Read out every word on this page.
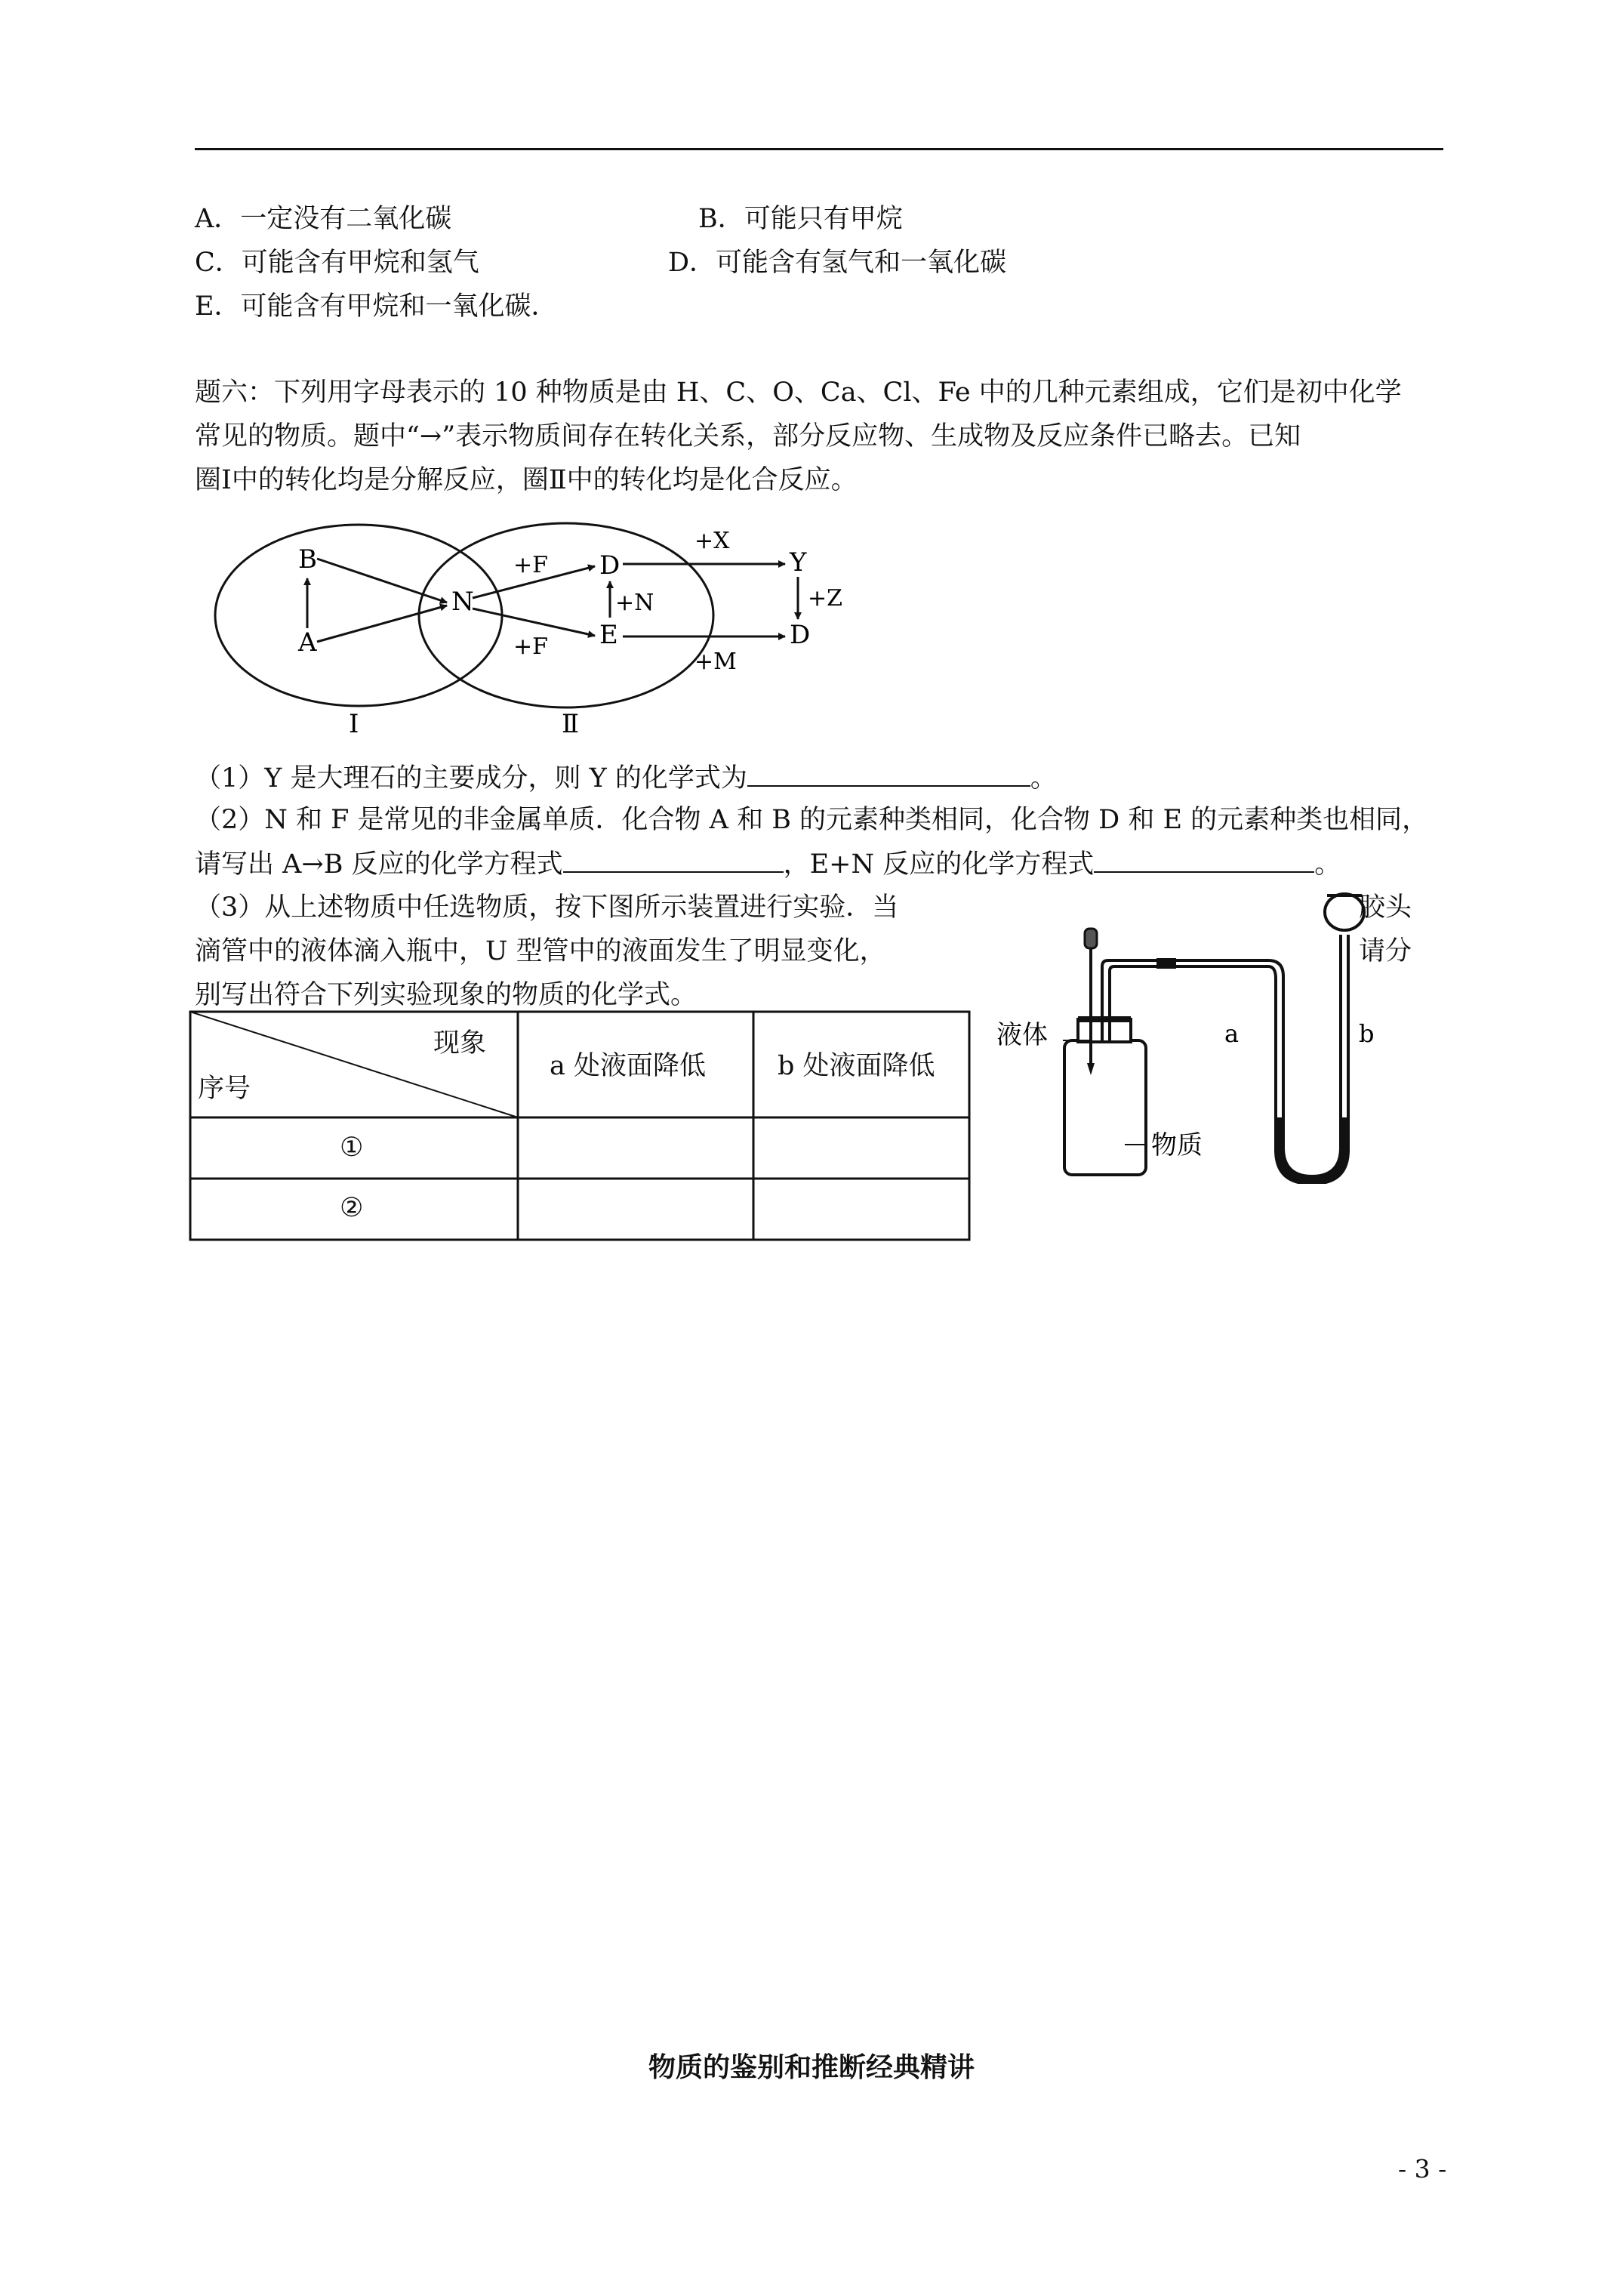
A．一定没有二氧化碳	B．可能只有甲烷
C．可能含有甲烷和氢气	D．可能含有氢气和一氧化碳
E．可能含有甲烷和一氧化碳．
题六：下列用字母表示的 10 种物质是由 H、C、O、Ca、Cl、Fe 中的几种元素组成，它们是初中化学
常见的物质。题中“→”表示物质间存在转化关系，部分反应物、生成物及反应条件已略去。已知
圈Ⅰ中的转化均是分解反应，圈Ⅱ中的转化均是化合反应。
B
A
N
D
E
Y
D
+F
+F
+N
+X
+Z
+M
Ⅰ	Ⅱ
（1）Y 是大理石的主要成分，则 Y 的化学式为	。
（2）N 和 F 是常见的非金属单质．化合物 A 和 B 的元素种类相同，化合物 D 和 E 的元素种类也相同，
请写出 A→B 反应的化学方程式	，E+N 反应的化学方程式	。
（3）从上述物质中任选物质，按下图所示装置进行实验．当	胶头
滴管中的液体滴入瓶中，U 型管中的液面发生了明显变化，	请分
别写出符合下列实验现象的物质的化学式。
现象
序号
a 处液面降低	b 处液面降低
①
②
液体	a	b
物质
物质的鉴别和推断经典精讲
- 3 -
